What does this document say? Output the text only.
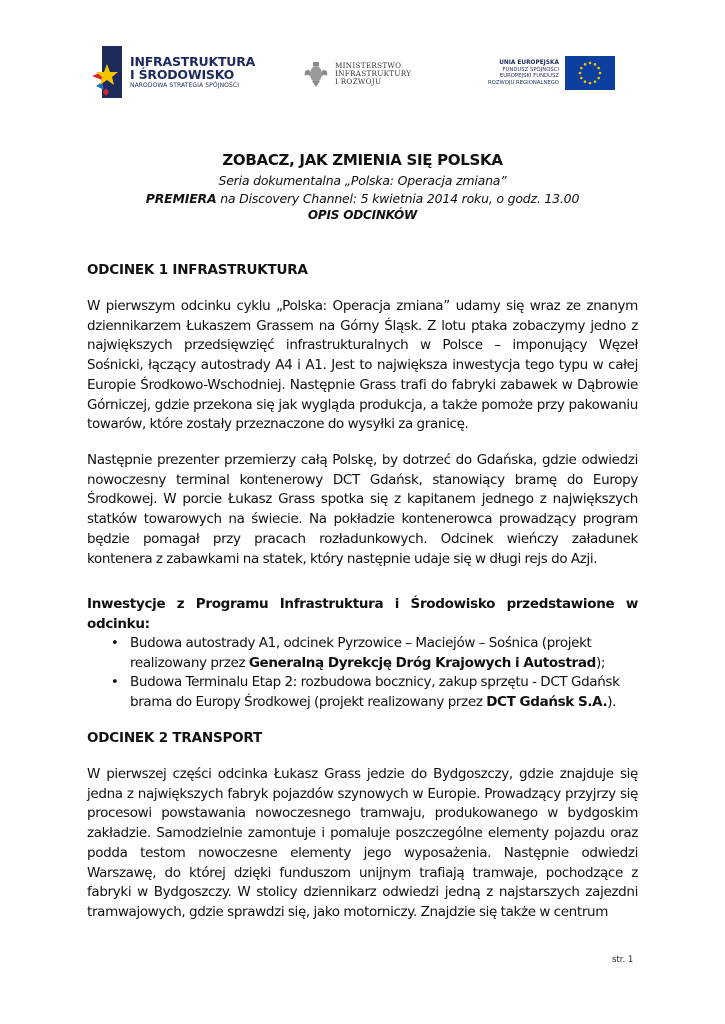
INFRASTRUKTURA
I ŚRODOWISKO
NARODOWA STRATEGIA SPÓJNOŚCI
MINISTERSTWO
INFRASTRUKTURY
I ROZWOJU
UNIA EUROPEJSKA
FUNDUSZ SPÓJNOŚCI
EUROPEJSKI FUNDUSZ
ROZWOJU REGIONALNEGO
ZOBACZ, JAK ZMIENIA SIĘ POLSKA
Seria dokumentalna „Polska: Operacja zmiana”
PREMIERA na Discovery Channel: 5 kwietnia 2014 roku, o godz. 13.00
OPIS ODCINKÓW
ODCINEK 1 INFRASTRUKTURA
W pierwszym odcinku cyklu „Polska: Operacja zmiana” udamy się wraz ze znanym dziennikarzem Łukaszem Grassem na Górny Śląsk. Z lotu ptaka zobaczymy jedno z największych przedsięwzięć infrastrukturalnych w Polsce – imponujący Węzeł Sośnicki, łączący autostrady A4 i A1. Jest to największa inwestycja tego typu w całej Europie Środkowo-Wschodniej. Następnie Grass trafi do fabryki zabawek w Dąbrowie Górniczej, gdzie przekona się jak wygląda produkcja, a także pomoże przy pakowaniu towarów, które zostały przeznaczone do wysyłki za granicę.
Następnie prezenter przemierzy całą Polskę, by dotrzeć do Gdańska, gdzie odwiedzi nowoczesny terminal kontenerowy DCT Gdańsk, stanowiący bramę do Europy Środkowej. W porcie Łukasz Grass spotka się z kapitanem jednego z największych statków towarowych na świecie. Na pokładzie kontenerowca prowadzący program będzie pomagał przy pracach rozładunkowych. Odcinek wieńczy załadunek kontenera z zabawkami na statek, który następnie udaje się w długi rejs do Azji.
Inwestycje z Programu Infrastruktura i Środowisko przedstawione w odcinku:
• Budowa autostrady A1, odcinek Pyrzowice – Maciejów – Sośnica (projekt realizowany przez Generalną Dyrekcję Dróg Krajowych i Autostrad);
• Budowa Terminalu Etap 2: rozbudowa bocznicy, zakup sprzętu - DCT Gdańsk brama do Europy Środkowej (projekt realizowany przez DCT Gdańsk S.A.).
ODCINEK 2 TRANSPORT
W pierwszej części odcinka Łukasz Grass jedzie do Bydgoszczy, gdzie znajduje się jedna z największych fabryk pojazdów szynowych w Europie. Prowadzący przyjrzy się procesowi powstawania nowoczesnego tramwaju, produkowanego w bydgoskim zakładzie. Samodzielnie zamontuje i pomaluje poszczególne elementy pojazdu oraz podda testom nowoczesne elementy jego wyposażenia. Następnie odwiedzi Warszawę, do której dzięki funduszom unijnym trafiają tramwaje, pochodzące z fabryki w Bydgoszczy. W stolicy dziennikarz odwiedzi jedną z najstarszych zajezdni tramwajowych, gdzie sprawdzi się, jako motorniczy. Znajdzie się także w centrum
str. 1
